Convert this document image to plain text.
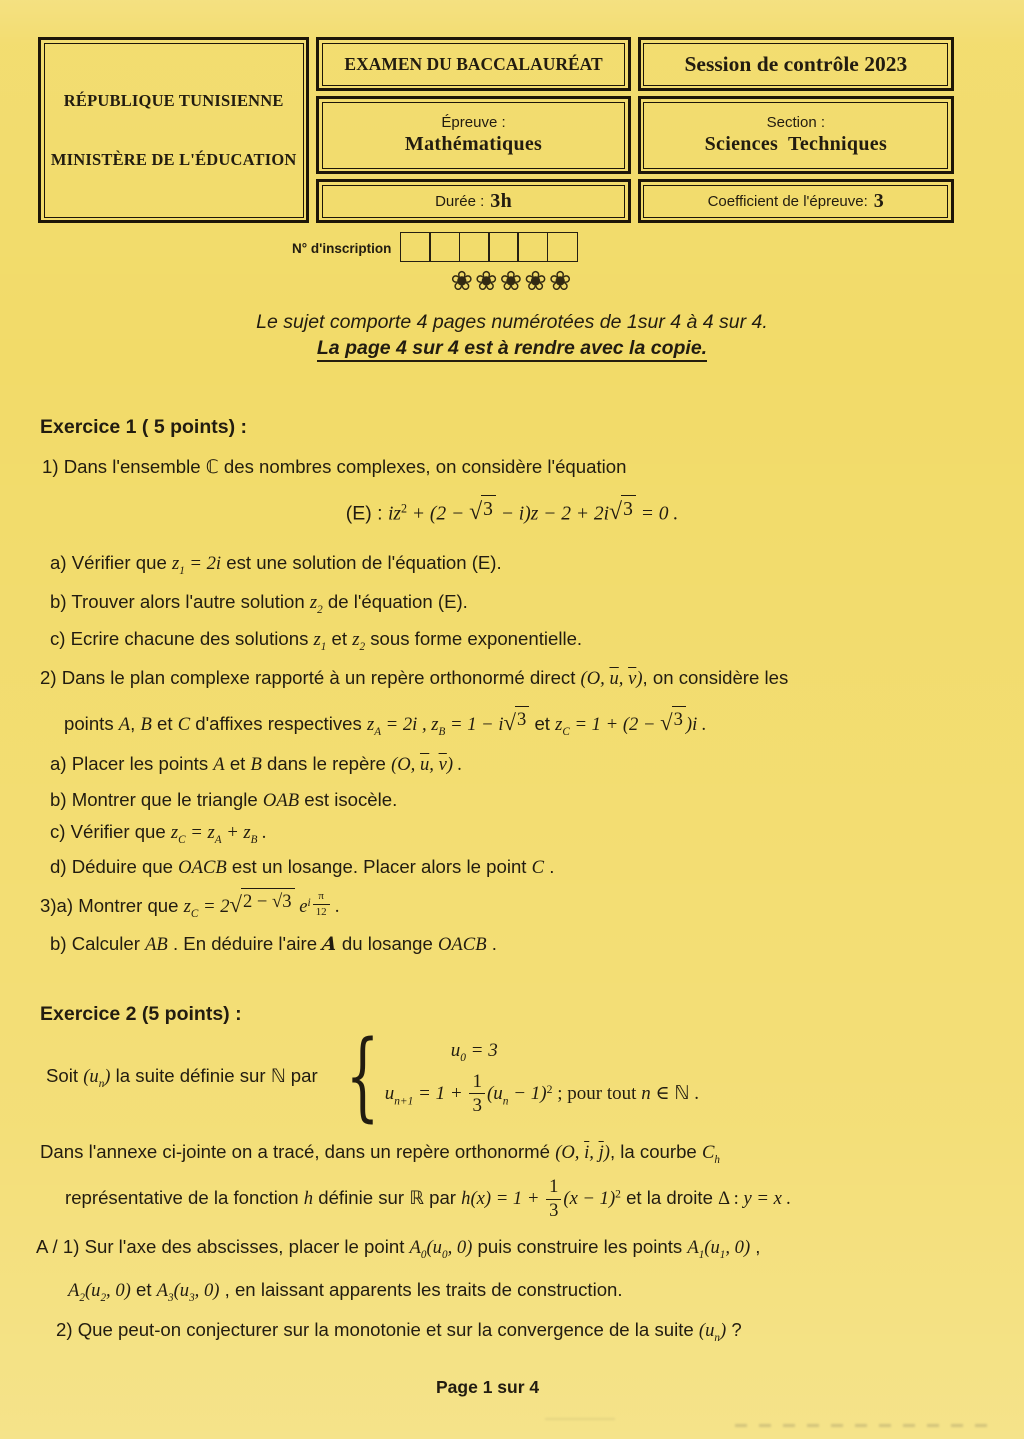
RÉPUBLIQUE TUNISIENNE
MINISTÈRE DE L'ÉDUCATION
EXAMEN DU BACCALAURÉAT
Épreuve :
Mathématiques
Durée : 3h
Session de contrôle 2023
Section :
Sciences Techniques
Coefficient de l'épreuve: 3
N° d'inscription
❀❀❀❀❀
Le sujet comporte 4 pages numérotées de 1sur 4 à 4 sur 4.
La page 4 sur 4 est à rendre avec la copie.
Exercice 1 ( 5 points) :
1) Dans l'ensemble ℂ des nombres complexes, on considère l'équation
(E) : $iz^2 + (2$ − √ 3 − i)z − 2 + 2i √ 3 = 0 .
a) Vérifier que $z_1 = 2i$ est une solution de l'équation (E).
b) Trouver alors l'autre solution $z_2$ de l'équation (E).
c) Ecrire chacune des solutions $z_1$ et $z_2$ sous forme exponentielle.
2) Dans le plan complexe rapporté à un repère orthonormé direct (O, $\overline{u}$, $\overline{v}$), on considère les
points A, B et C d'affixes respectives $z_A = 2i$ , $z_B = 1 - i$ √ 3 et $z_C = 1 + (2$ − √ 3 )i .
a) Placer les points A et B dans le repère (O, $\overline{u}$, $\overline{v}$) .
b) Montrer que le triangle OAB est isocèle.
c) Vérifier que $z_C = z_A + z_B$ .
d) Déduire que OACB est un losange. Placer alors le point C .
3)a) Montrer que $z_C = 2$ √ 2 − √3 e $^{i \frac{\pi}{12}}$ .
b) Calculer AB . En déduire l'aire A du losange OACB .
Exercice 2 (5 points) :
Soit $(u_n)$ la suite définie sur ℕ par {	$u_0 = 3$
$u_{n+1} = 1 + \frac{1}{3} (u_n - 1)^2$ ; pour tout n ∈ ℕ .
Dans l'annexe ci-jointe on a tracé, dans un repère orthonormé (O, $\overline{i}$, $\overline{j}$), la courbe $C_h$
représentative de la fonction h définie sur ℝ par $h(x) = 1 + \frac{1}{3} (x - 1)^2$ et la droite Δ : y = x .
A / 1) Sur l'axe des abscisses, placer le point $A_0(u_0$, 0) puis construire les points $A_1(u_1$, 0) ,
$A_2(u_2$, 0) et $A_3(u_3$, 0) , en laissant apparents les traits de construction.
2) Que peut-on conjecturer sur la monotonie et sur la convergence de la suite $(u_n)$ ?
Page 1 sur 4
